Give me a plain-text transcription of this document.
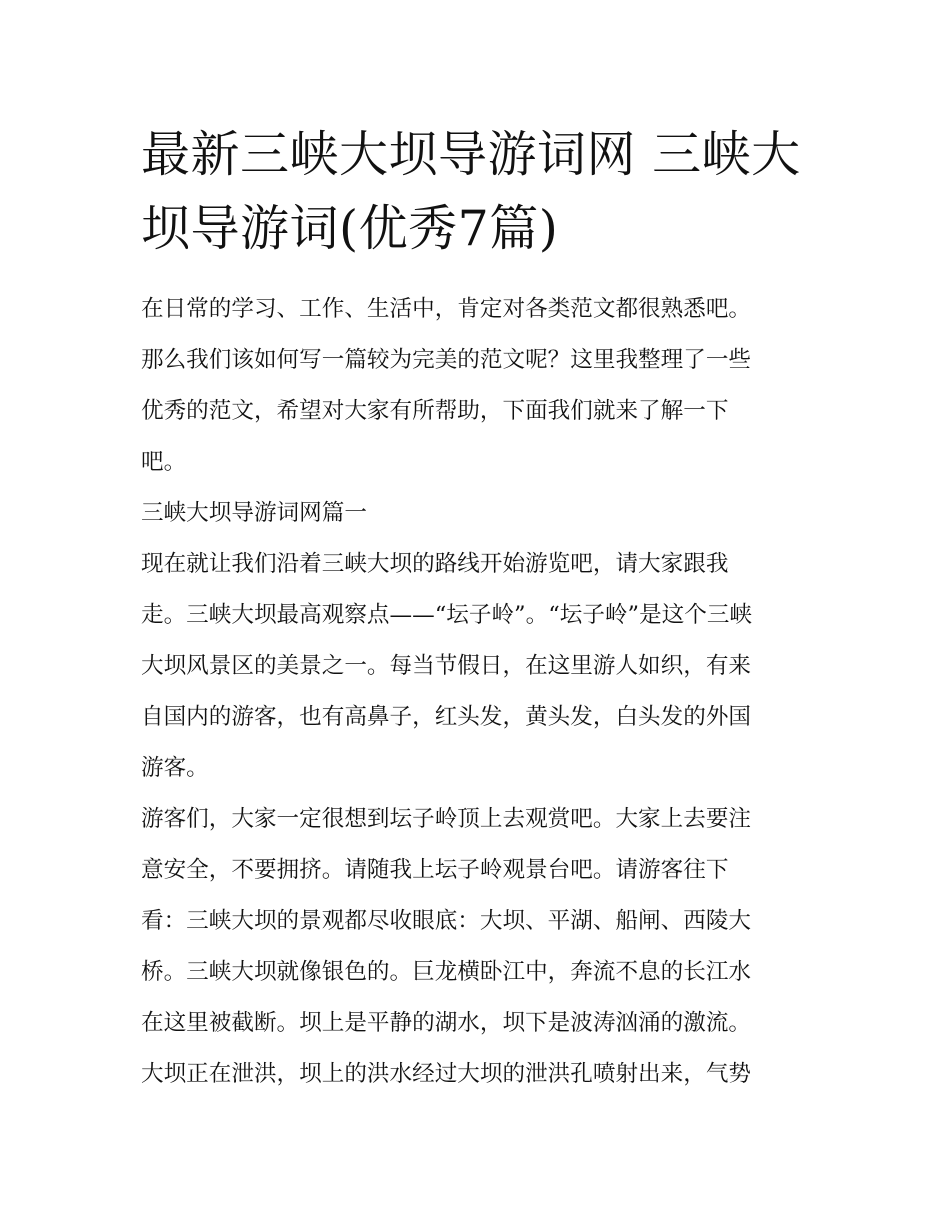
最新三峡大坝导游词网 三峡大
坝导游词(优秀7篇)
在日常的学习、工作、生活中，肯定对各类范文都很熟悉吧。
那么我们该如何写一篇较为完美的范文呢？这里我整理了一些
优秀的范文，希望对大家有所帮助，下面我们就来了解一下
吧。
三峡大坝导游词网篇一
现在就让我们沿着三峡大坝的路线开始游览吧，请大家跟我
走。三峡大坝最高观察点——“坛子岭”。“坛子岭”是这个三峡
大坝风景区的美景之一。每当节假日，在这里游人如织，有来
自国内的游客，也有高鼻子，红头发，黄头发，白头发的外国
游客。
游客们，大家一定很想到坛子岭顶上去观赏吧。大家上去要注
意安全，不要拥挤。请随我上坛子岭观景台吧。请游客往下
看：三峡大坝的景观都尽收眼底：大坝、平湖、船闸、西陵大
桥。三峡大坝就像银色的。巨龙横卧江中，奔流不息的长江水
在这里被截断。坝上是平静的湖水，坝下是波涛汹涌的激流。
大坝正在泄洪，坝上的洪水经过大坝的泄洪孔喷射出来，气势
